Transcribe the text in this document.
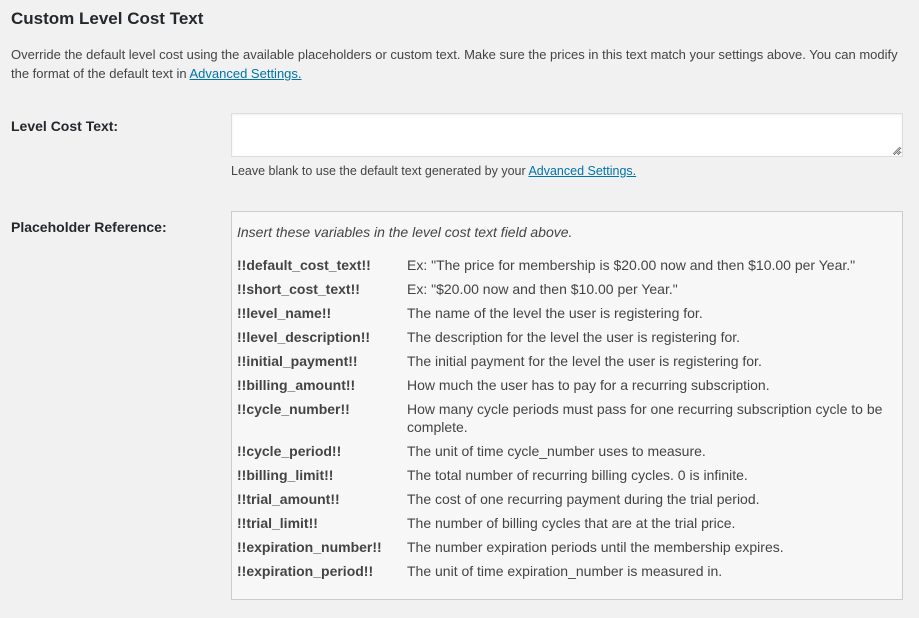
Custom Level Cost Text

Override the default level cost using the available placeholders or custom text. Make sure the prices in this text match your settings above. You can modify the format of the default text in Advanced Settings.

Level Cost Text:

Leave blank to use the default text generated by your Advanced Settings.

Placeholder Reference:	Insert these variables in the level cost text field above.
!!default_cost_text!!	Ex: "The price for membership is $20.00 now and then $10.00 per Year."
!!short_cost_text!!	Ex: "$20.00 now and then $10.00 per Year."
!!level_name!!	The name of the level the user is registering for.
!!level_description!!	The description for the level the user is registering for.
!!initial_payment!!	The initial payment for the level the user is registering for.
!!billing_amount!!	How much the user has to pay for a recurring subscription.
!!cycle_number!!	How many cycle periods must pass for one recurring subscription cycle to be complete.
!!cycle_period!!	The unit of time cycle_number uses to measure.
!!billing_limit!!	The total number of recurring billing cycles. 0 is infinite.
!!trial_amount!!	The cost of one recurring payment during the trial period.
!!trial_limit!!	The number of billing cycles that are at the trial price.
!!expiration_number!!	The number expiration periods until the membership expires.
!!expiration_period!!	The unit of time expiration_number is measured in.
